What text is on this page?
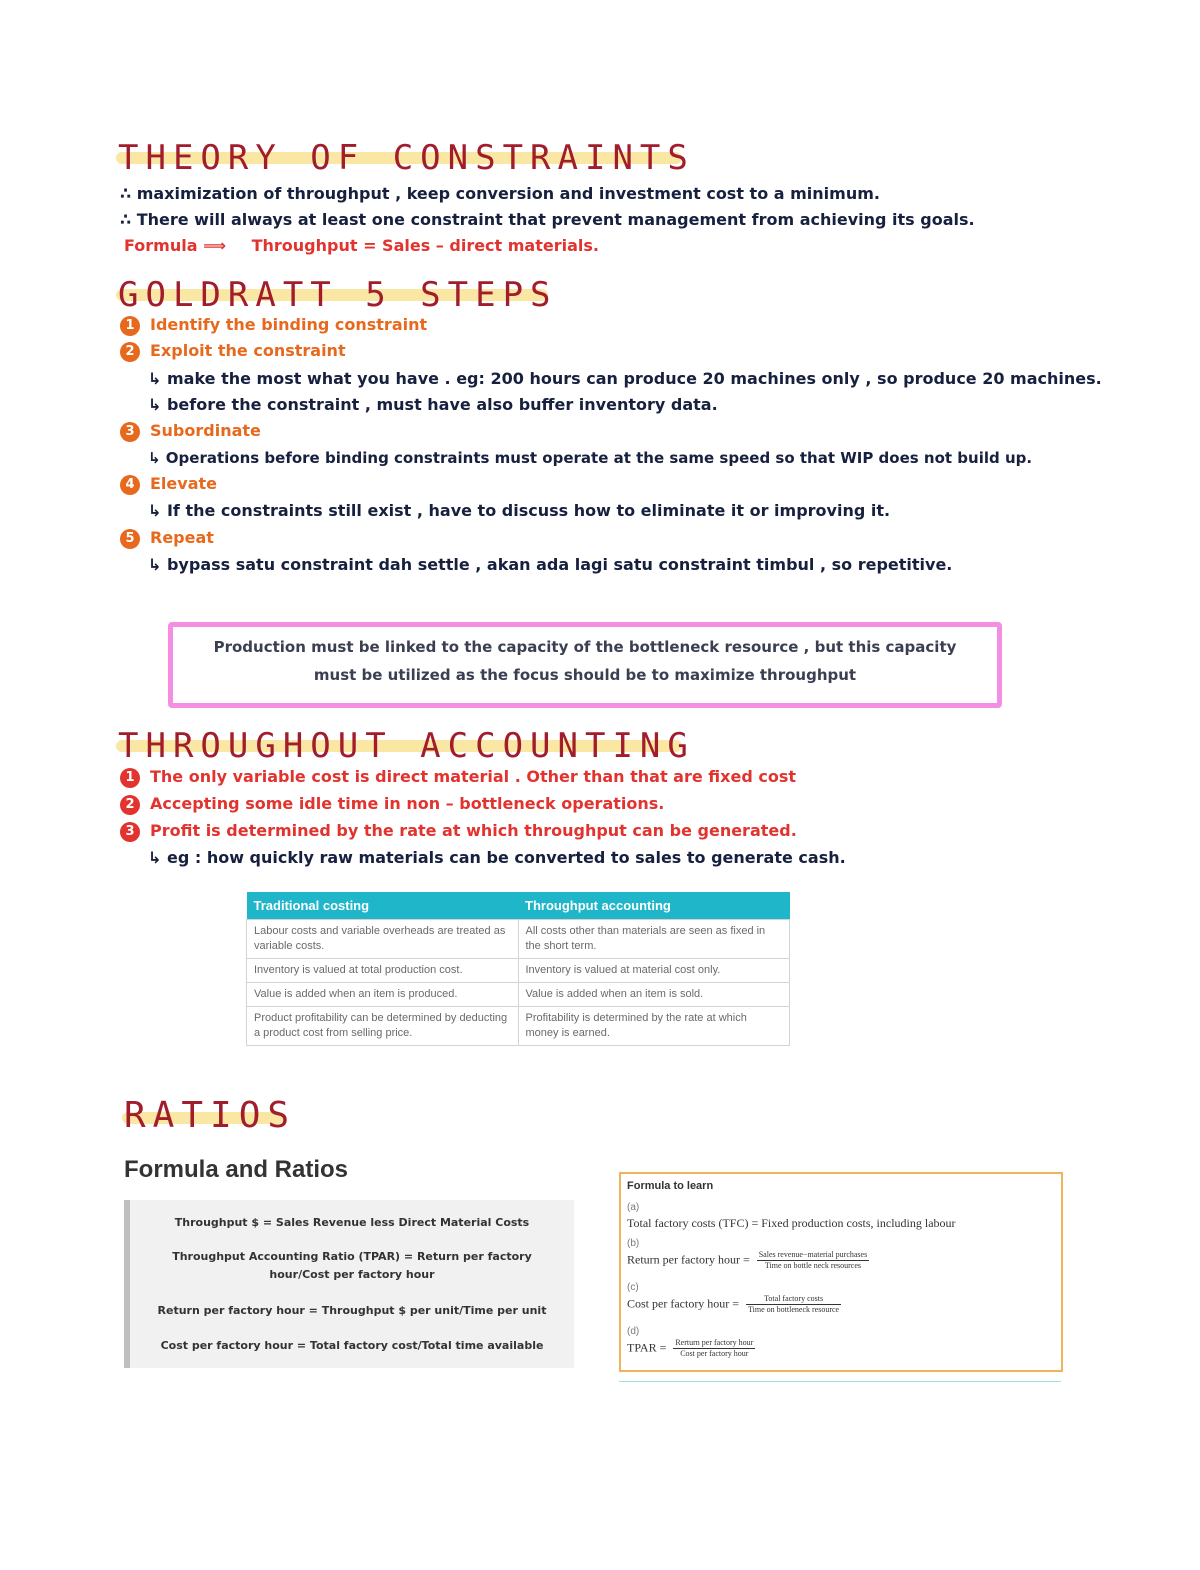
THEORY OF CONSTRAINTS
∴ maximization of throughput , keep conversion and investment cost to a minimum.
∴ There will always at least one constraint that prevent management from achieving its goals.
Formula ⟹ Throughput = Sales – direct materials.
GOLDRATT 5 STEPS
1 Identify the binding constraint
2 Exploit the constraint
↳ make the most what you have . eg: 200 hours can produce 20 machines only , so produce 20 machines.
↳ before the constraint , must have also buffer inventory data.
3 Subordinate
↳ Operations before binding constraints must operate at the same speed so that WIP does not build up.
4 Elevate
↳ If the constraints still exist , have to discuss how to eliminate it or improving it.
5 Repeat
↳ bypass satu constraint dah settle , akan ada lagi satu constraint timbul , so repetitive.
Production must be linked to the capacity of the bottleneck resource , but this capacity
must be utilized as the focus should be to maximize throughput
THROUGHOUT ACCOUNTING
1 The only variable cost is direct material . Other than that are fixed cost
2 Accepting some idle time in non – bottleneck operations.
3 Profit is determined by the rate at which throughput can be generated.
↳ eg : how quickly raw materials can be converted to sales to generate cash.
Traditional costing	Throughput accounting
Labour costs and variable overheads are treated as variable costs.	All costs other than materials are seen as fixed in the short term.
Inventory is valued at total production cost.	Inventory is valued at material cost only.
Value is added when an item is produced.	Value is added when an item is sold.
Product profitability can be determined by deducting a product cost from selling price.	Profitability is determined by the rate at which money is earned.
RATIOS
Formula and Ratios
Throughput $ = Sales Revenue less Direct Material Costs
Throughput Accounting Ratio (TPAR) = Return per factory hour/Cost per factory hour
Return per factory hour = Throughput $ per unit/Time per unit
Cost per factory hour = Total factory cost/Total time available
Formula to learn
(a)
Total factory costs (TFC) = Fixed production costs, including labour
(b)
Return per factory hour = $\frac{\text{Sales revenue−material purchases}}{\text{Time on bottle neck resources}}$
(c)
Cost per factory hour = $\frac{\text{Total factory costs}}{\text{Time on bottleneck resource}}$
(d)
TPAR = $\frac{\text{Rerturn per factory hour}}{\text{Cost per factory hour}}$
